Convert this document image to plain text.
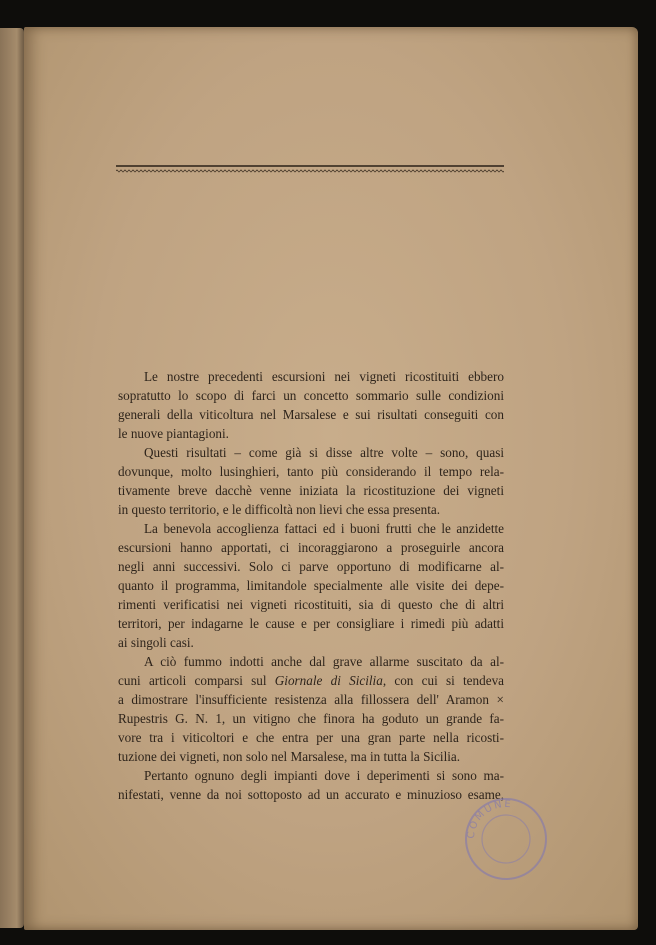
Le nostre precedenti escursioni nei vigneti ricostituiti ebbero
sopratutto lo scopo di farci un concetto sommario sulle condizioni
generali della viticoltura nel Marsalese e sui risultati conseguiti con
le nuove piantagioni.
Questi risultati – come già si disse altre volte – sono, quasi
dovunque, molto lusinghieri, tanto più considerando il tempo rela-
tivamente breve dacchè venne iniziata la ricostituzione dei vigneti
in questo territorio, e le difficoltà non lievi che essa presenta.
La benevola accoglienza fattaci ed i buoni frutti che le anzidette
escursioni hanno apportati, ci incoraggiarono a proseguirle ancora
negli anni successivi. Solo ci parve opportuno di modificarne al-
quanto il programma, limitandole specialmente alle visite dei depe-
rimenti verificatisi nei vigneti ricostituiti, sia di questo che di altri
territori, per indagarne le cause e per consigliare i rimedi più adatti
ai singoli casi.
A ciò fummo indotti anche dal grave allarme suscitato da al-
cuni articoli comparsi sul Giornale di Sicilia, con cui si tendeva
a dimostrare l'insufficiente resistenza alla fillossera dell' Aramon ×
Rupestris G. N. 1, un vitigno che finora ha goduto un grande fa-
vore tra i viticoltori e che entra per una gran parte nella ricosti-
tuzione dei vigneti, non solo nel Marsalese, ma in tutta la Sicilia.
Pertanto ognuno degli impianti dove i deperimenti si sono ma-
nifestati, venne da noi sottoposto ad un accurato e minuzioso esame,
COMUNE
